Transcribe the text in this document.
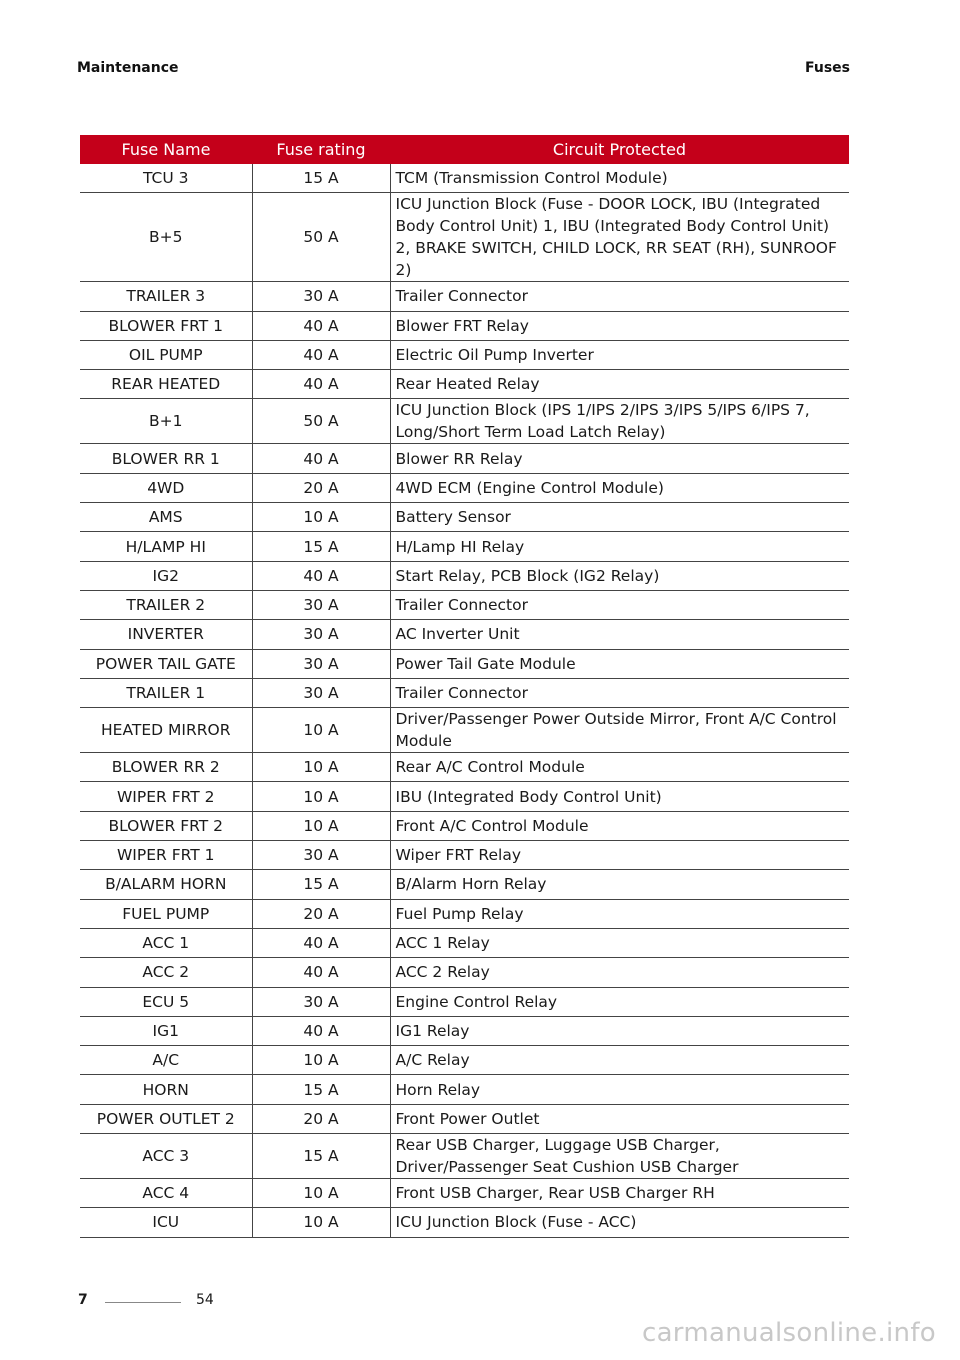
Maintenance	Fuses
Fuse Name	Fuse rating	Circuit Protected
TCU 3	15 A	TCM (Transmission Control Module)
B+5	50 A	ICU Junction Block (Fuse - DOOR LOCK, IBU (Integrated Body Control Unit) 1, IBU (Integrated Body Control Unit) 2, BRAKE SWITCH, CHILD LOCK, RR SEAT (RH), SUNROOF 2)
TRAILER 3	30 A	Trailer Connector
BLOWER FRT 1	40 A	Blower FRT Relay
OIL PUMP	40 A	Electric Oil Pump Inverter
REAR HEATED	40 A	Rear Heated Relay
B+1	50 A	ICU Junction Block (IPS 1/IPS 2/IPS 3/IPS 5/IPS 6/IPS 7, Long/Short Term Load Latch Relay)
BLOWER RR 1	40 A	Blower RR Relay
4WD	20 A	4WD ECM (Engine Control Module)
AMS	10 A	Battery Sensor
H/LAMP HI	15 A	H/Lamp HI Relay
IG2	40 A	Start Relay, PCB Block (IG2 Relay)
TRAILER 2	30 A	Trailer Connector
INVERTER	30 A	AC Inverter Unit
POWER TAIL GATE	30 A	Power Tail Gate Module
TRAILER 1	30 A	Trailer Connector
HEATED MIRROR	10 A	Driver/Passenger Power Outside Mirror, Front A/C Control Module
BLOWER RR 2	10 A	Rear A/C Control Module
WIPER FRT 2	10 A	IBU (Integrated Body Control Unit)
BLOWER FRT 2	10 A	Front A/C Control Module
WIPER FRT 1	30 A	Wiper FRT Relay
B/ALARM HORN	15 A	B/Alarm Horn Relay
FUEL PUMP	20 A	Fuel Pump Relay
ACC 1	40 A	ACC 1 Relay
ACC 2	40 A	ACC 2 Relay
ECU 5	30 A	Engine Control Relay
IG1	40 A	IG1 Relay
A/C	10 A	A/C Relay
HORN	15 A	Horn Relay
POWER OUTLET 2	20 A	Front Power Outlet
ACC 3	15 A	Rear USB Charger, Luggage USB Charger, Driver/Passenger Seat Cushion USB Charger
ACC 4	10 A	Front USB Charger, Rear USB Charger RH
ICU	10 A	ICU Junction Block (Fuse - ACC)
7	54
carmanualsonline.info
